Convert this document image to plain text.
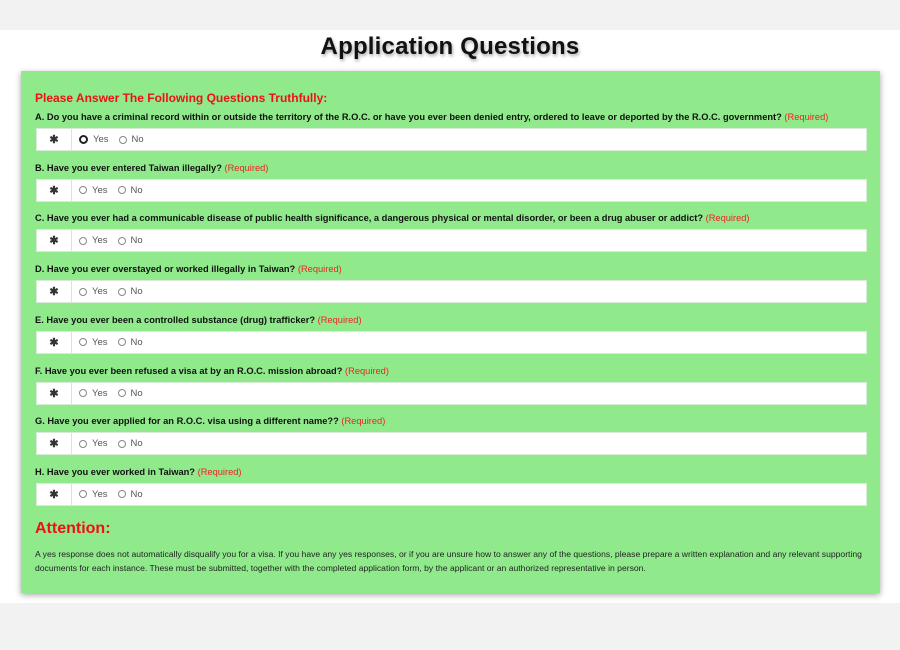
Application Questions
Please Answer The Following Questions Truthfully:
A. Do you have a criminal record within or outside the territory of the R.O.C. or have you ever been denied entry, ordered to leave or deported by the R.O.C. government? (Required)
✱	Yes No
B. Have you ever entered Taiwan illegally? (Required)
✱	Yes No
C. Have you ever had a communicable disease of public health significance, a dangerous physical or mental disorder, or been a drug abuser or addict? (Required)
✱	Yes No
D. Have you ever overstayed or worked illegally in Taiwan? (Required)
✱	Yes No
E. Have you ever been a controlled substance (drug) trafficker? (Required)
✱	Yes No
F. Have you ever been refused a visa at by an R.O.C. mission abroad? (Required)
✱	Yes No
G. Have you ever applied for an R.O.C. visa using a different name?? (Required)
✱	Yes No
H. Have you ever worked in Taiwan? (Required)
✱	Yes No
Attention:
A yes response does not automatically disqualify you for a visa. If you have any yes responses, or if you are unsure how to answer any of the questions, please prepare a written explanation and any relevant supporting documents for each instance. These must be submitted, together with the completed application form, by the applicant or an authorized representative in person.
